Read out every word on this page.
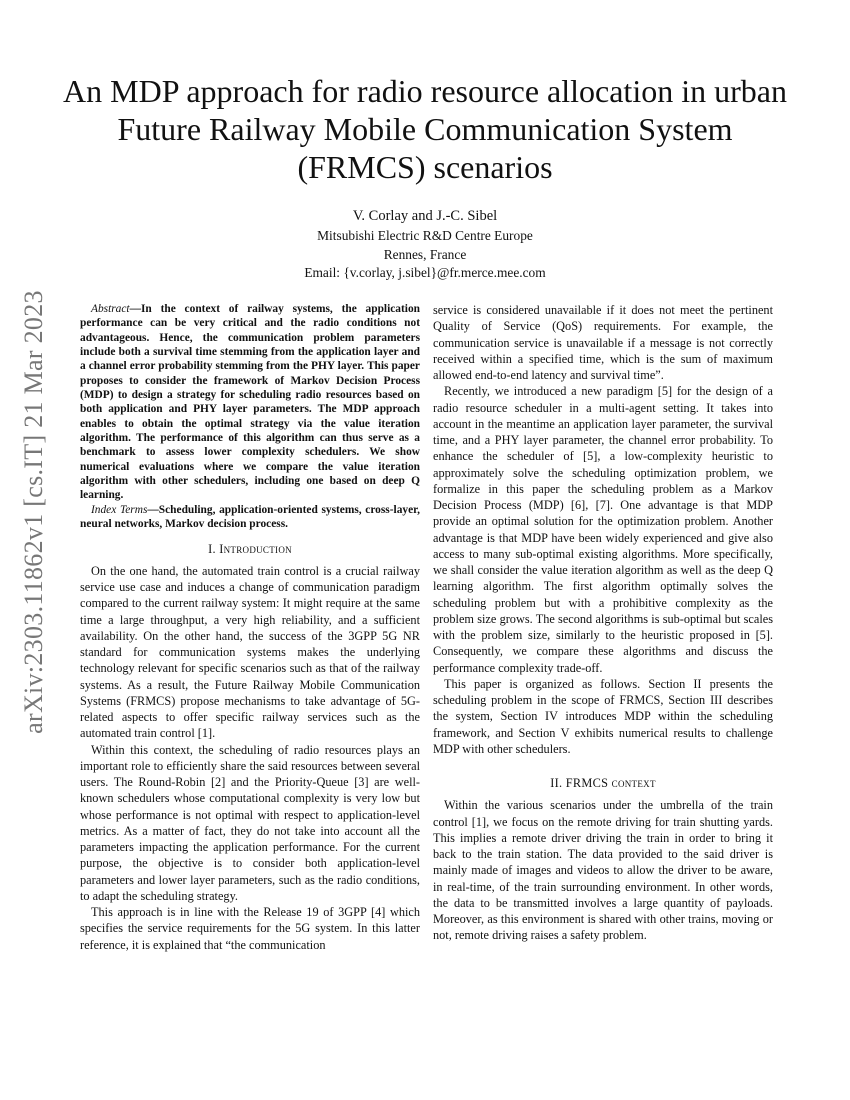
arXiv:2303.11862v1 [cs.IT] 21 Mar 2023
An MDP approach for radio resource allocation in urban Future Railway Mobile Communication System (FRMCS) scenarios
V. Corlay and J.-C. Sibel
Mitsubishi Electric R&D Centre Europe
Rennes, France
Email: {v.corlay, j.sibel}@fr.merce.mee.com

Abstract—In the context of railway systems, the application performance can be very critical and the radio conditions not advantageous. Hence, the communication problem parameters include both a survival time stemming from the application layer and a channel error probability stemming from the PHY layer. This paper proposes to consider the framework of Markov Decision Process (MDP) to design a strategy for scheduling radio resources based on both application and PHY layer parameters. The MDP approach enables to obtain the optimal strategy via the value iteration algorithm. The performance of this algorithm can thus serve as a benchmark to assess lower complexity schedulers. We show numerical evaluations where we compare the value iteration algorithm with other schedulers, including one based on deep Q learning.

Index Terms—Scheduling, application-oriented systems, cross-layer, neural networks, Markov decision process.

I. Introduction

On the one hand, the automated train control is a crucial railway service use case and induces a change of communication paradigm compared to the current railway system: It might require at the same time a large throughput, a very high reliability, and a sufficient availability. On the other hand, the success of the 3GPP 5G NR standard for communication systems makes the underlying technology relevant for specific scenarios such as that of the railway systems. As a result, the Future Railway Mobile Communication Systems (FRMCS) propose mechanisms to take advantage of 5G-related aspects to offer specific railway services such as the automated train control [1].

Within this context, the scheduling of radio resources plays an important role to efficiently share the said resources between several users. The Round-Robin [2] and the Priority-Queue [3] are well-known schedulers whose computational complexity is very low but whose performance is not optimal with respect to application-level metrics. As a matter of fact, they do not take into account all the parameters impacting the application performance. For the current purpose, the objective is to consider both application-level parameters and lower layer parameters, such as the radio conditions, to adapt the scheduling strategy.

This approach is in line with the Release 19 of 3GPP [4] which specifies the service requirements for the 5G system. In this latter reference, it is explained that “the communication

service is considered unavailable if it does not meet the pertinent Quality of Service (QoS) requirements. For example, the communication service is unavailable if a message is not correctly received within a specified time, which is the sum of maximum allowed end-to-end latency and survival time”.

Recently, we introduced a new paradigm [5] for the design of a radio resource scheduler in a multi-agent setting. It takes into account in the meantime an application layer parameter, the survival time, and a PHY layer parameter, the channel error probability. To enhance the scheduler of [5], a low-complexity heuristic to approximately solve the scheduling optimization problem, we formalize in this paper the scheduling problem as a Markov Decision Process (MDP) [6], [7]. One advantage is that MDP provide an optimal solution for the optimization problem. Another advantage is that MDP have been widely experienced and give also access to many sub-optimal existing algorithms. More specifically, we shall consider the value iteration algorithm as well as the deep Q learning algorithm. The first algorithm optimally solves the scheduling problem but with a prohibitive complexity as the problem size grows. The second algorithms is sub-optimal but scales with the problem size, similarly to the heuristic proposed in [5]. Consequently, we compare these algorithms and discuss the performance complexity trade-off.

This paper is organized as follows. Section II presents the scheduling problem in the scope of FRMCS, Section III describes the system, Section IV introduces MDP within the scheduling framework, and Section V exhibits numerical results to challenge MDP with other schedulers.

II. FRMCS context

Within the various scenarios under the umbrella of the train control [1], we focus on the remote driving for train shutting yards. This implies a remote driver driving the train in order to bring it back to the train station. The data provided to the said driver is mainly made of images and videos to allow the driver to be aware, in real-time, of the train surrounding environment. In other words, the data to be transmitted involves a large quantity of payloads. Moreover, as this environment is shared with other trains, moving or not, remote driving raises a safety problem.
